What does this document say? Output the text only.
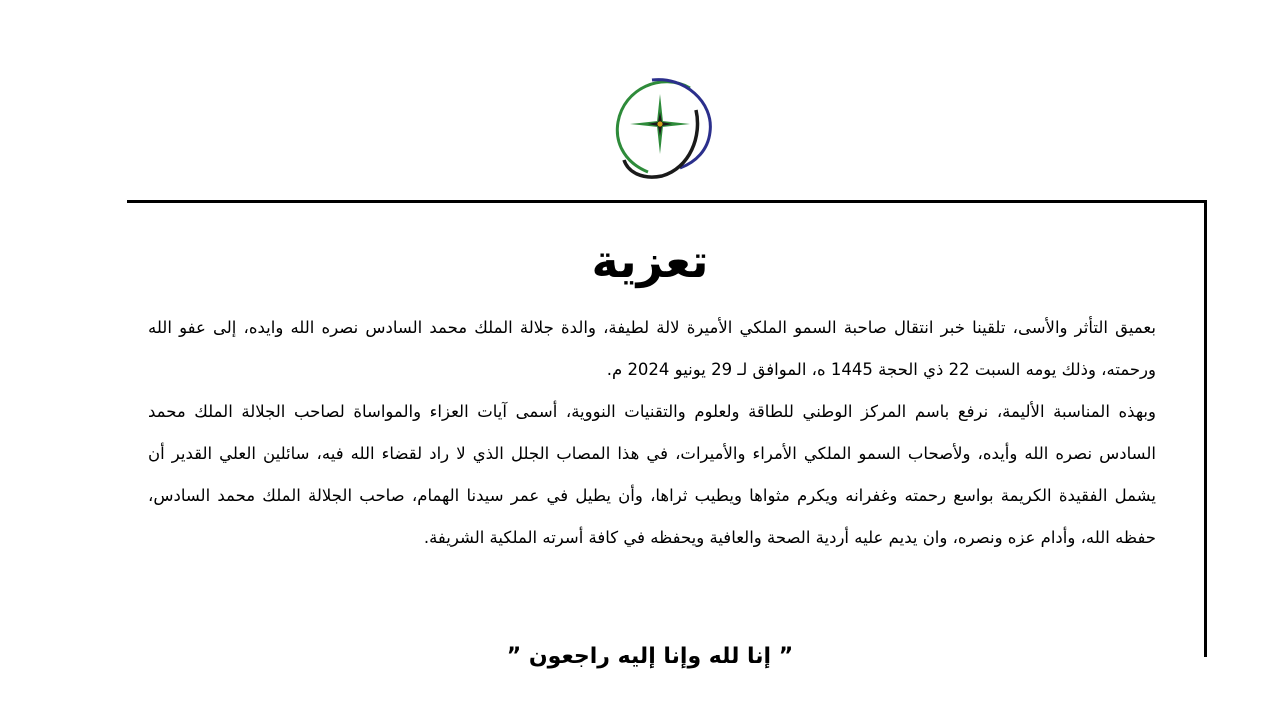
تعزية

بعميق التأثر والأسى، تلقينا خبر انتقال صاحبة السمو الملكي الأميرة لالة لطيفة، والدة جلالة الملك محمد السادس نصره الله وايده، إلى عفو الله ورحمته، وذلك يومه السبت 22 ذي الحجة 1445 ه، الموافق لـ 29 يونيو 2024 م.

وبهذه المناسبة الأليمة، نرفع باسم المركز الوطني للطاقة ولعلوم والتقنيات النووية، أسمى آيات العزاء والمواساة لصاحب الجلالة الملك محمد السادس نصره الله وأيده، ولأصحاب السمو الملكي الأمراء والأميرات، في هذا المصاب الجلل الذي لا راد لقضاء الله فيه، سائلين العلي القدير أن يشمل الفقيدة الكريمة بواسع رحمته وغفرانه ويكرم مثواها ويطيب ثراها، وأن يطيل في عمر سيدنا الهمام، صاحب الجلالة الملك محمد السادس، حفظه الله، وأدام عزه ونصره، وان يديم عليه أردية الصحة والعافية ويحفظه في كافة أسرته الملكية الشريفة.

” إنا لله وإنا إليه راجعون ”
